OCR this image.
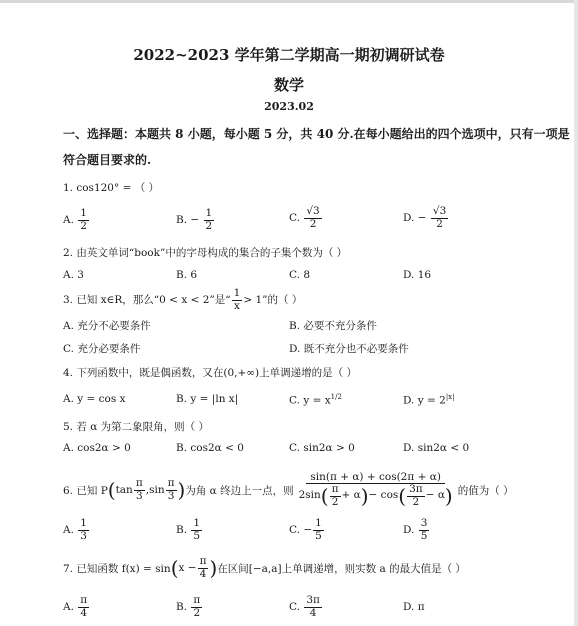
2022~2023 学年第二学期高一期初调研试卷
数学
2023.02
一、选择题：本题共 8 小题，每小题 5 分，共 40 分.在每小题给出的四个选项中，只有一项是
符合题目要求的.
1. cos120° = （ ）
A. $\frac{1}{2}$	B. − $\frac{1}{2}$	C. $\frac{√3}{2}$	D. − $\frac{√3}{2}$
2. 由英文单词“book”中的字母构成的集合的子集个数为（ ）
A. 3	B. 6	C. 8	D. 16
3. 已知 x∈R，那么“0 < x < 2”是“ $\frac{1}{x} > 1$”的（ ）
A. 充分不必要条件	B. 必要不充分条件
C. 充分必要条件	D. 既不充分也不必要条件
4. 下列函数中，既是偶函数，又在(0,+∞)上单调递增的是（ ）
A. y = cos x	B. y = |ln x|	C. $y = x^{1/2}$	D. $y = 2^{|x|}$
5. 若 α 为第二象限角，则（ ）
A. cos2α > 0	B. cos2α < 0	C. sin2α > 0	D. sin2α < 0
6. 已知 P ( $\tan \frac{\pi}{3}$ , $\sin \frac{\pi}{3}$ ) 为角 α 终边上一点，则 $\frac{\sin(\pi + \alpha) + \cos(2\pi + \alpha)}{2\sin ( \frac{\pi}{2} + \alpha ) - \cos ( \frac{3\pi}{2} - \alpha )}$ 的值为（ ）
A. $\frac{1}{3}$	B. $\frac{1}{5}$	C. − $\frac{1}{5}$	D. $\frac{3}{5}$
7. 已知函数 f(x) = sin ( $x - \frac{\pi}{4}$ ) 在区间[−a,a]上单调递增，则实数 a 的最大值是（ ）
A. $\frac{\pi}{4}$	B. $\frac{\pi}{2}$	C. $\frac{3\pi}{4}$	D. π
